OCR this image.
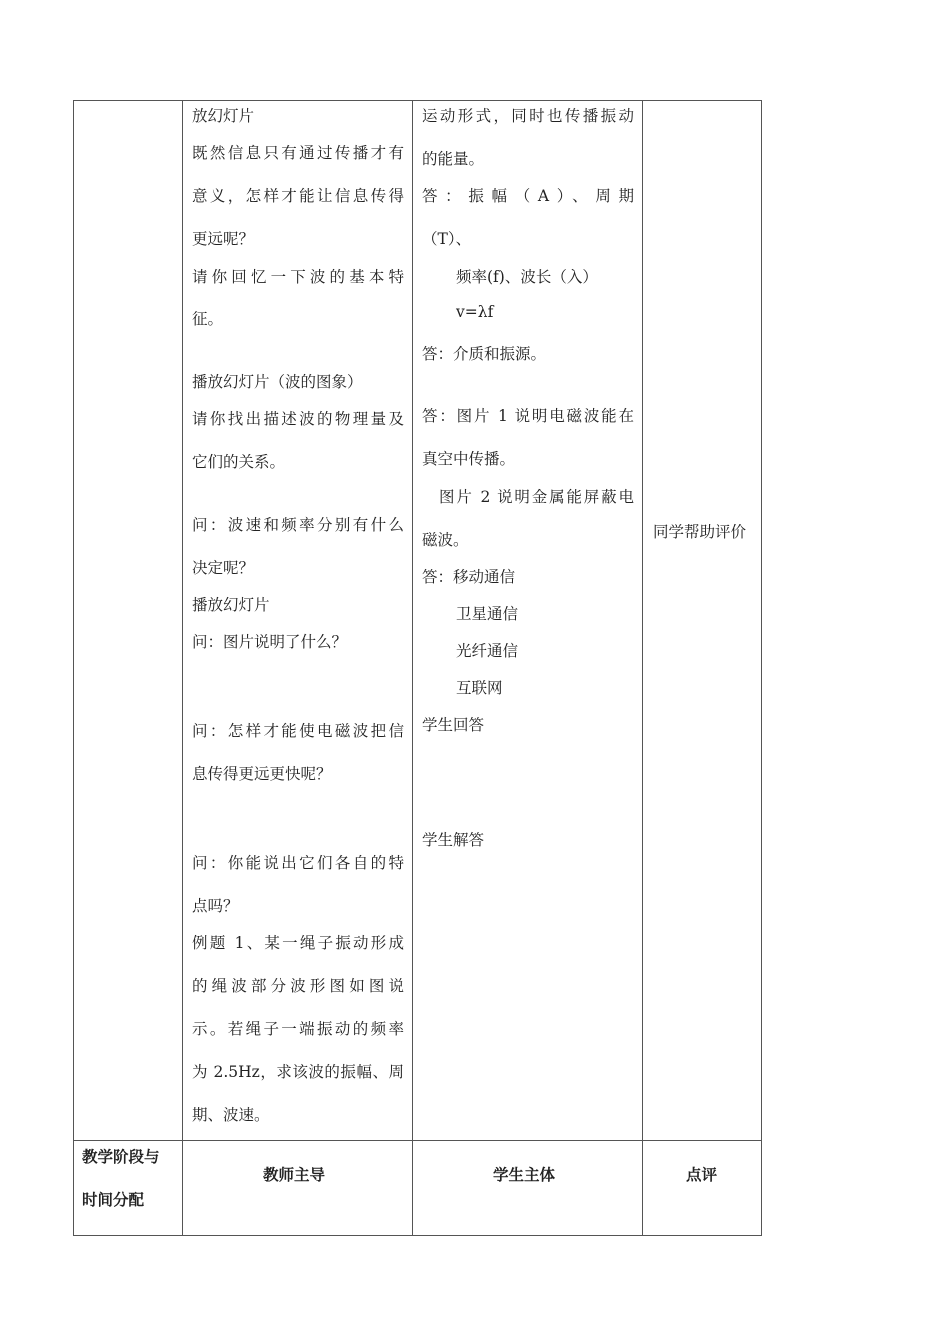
放幻灯片
既然信息只有通过传播才有
意义，怎样才能让信息传得
更远呢？
请你回忆一下波的基本特
征。
播放幻灯片（波的图象）
请你找出描述波的物理量及
它们的关系。
问：波速和频率分别有什么
决定呢？
播放幻灯片
问：图片说明了什么？
问：怎样才能使电磁波把信
息传得更远更快呢？
问：你能说出它们各自的特
点吗？
例题 1、某一绳子振动形成
的绳波部分波形图如图说
示。若绳子一端振动的频率
为 2.5Hz，求该波的振幅、周
期、波速。
运动形式，同时也传播振动
的能量。
答：振幅（A）、周期
（T）、
频率(f)、波长（入）
v=λf
答：介质和振源。
答：图片 1 说明电磁波能在
真空中传播。
图片 2 说明金属能屏蔽电
磁波。
答：移动通信
卫星通信
光纤通信
互联网
学生回答
学生解答
同学帮助评价
教学阶段与
时间分配
教师主导	学生主体	点评
